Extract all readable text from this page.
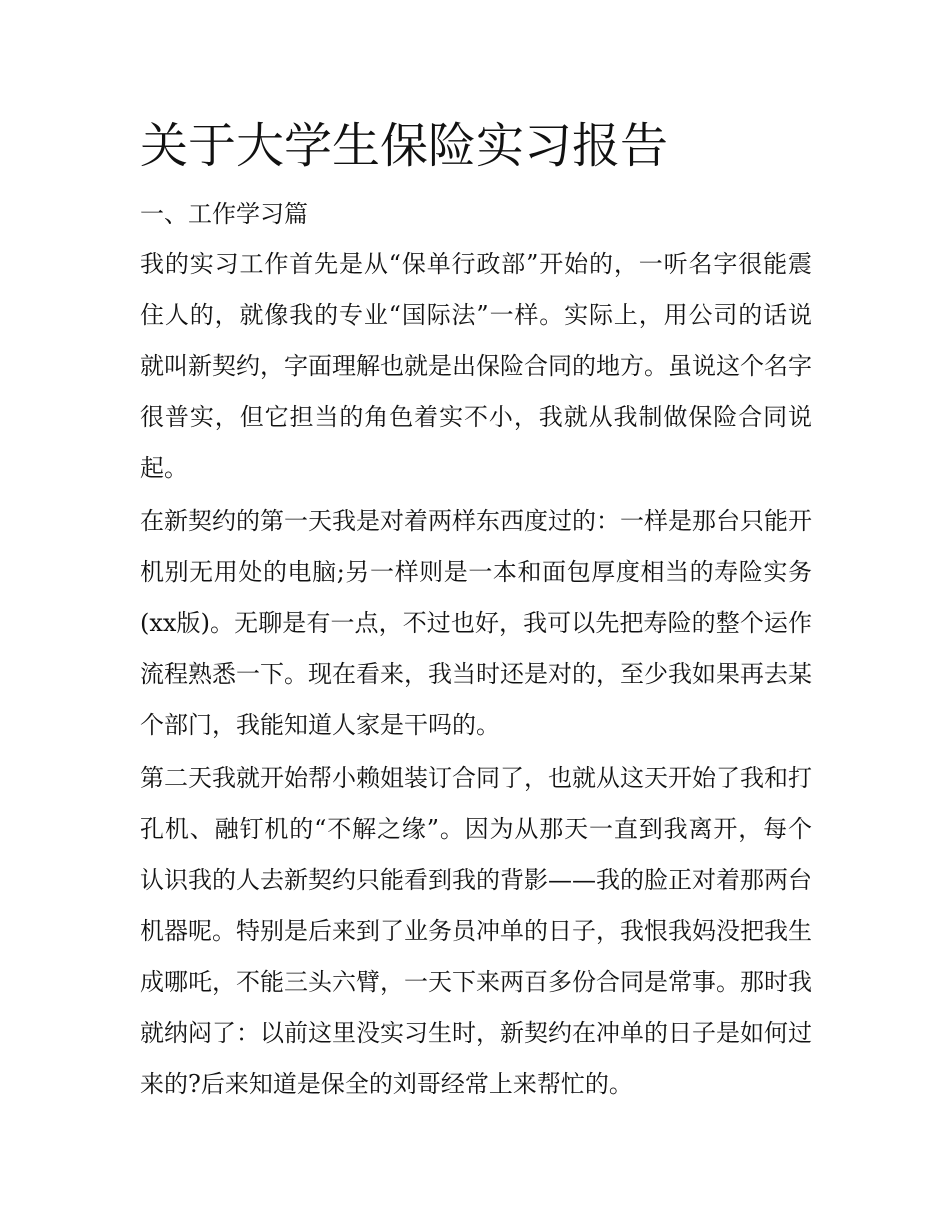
关于大学生保险实习报告
一、工作学习篇

我的实习工作首先是从“保单行政部”开始的，一听名字很能震住人的，就像我的专业“国际法”一样。实际上，用公司的话说就叫新契约，字面理解也就是出保险合同的地方。虽说这个名字很普实，但它担当的角色着实不小，我就从我制做保险合同说起。

在新契约的第一天我是对着两样东西度过的：一样是那台只能开机别无用处的电脑;另一样则是一本和面包厚度相当的寿险实务(xx版)。无聊是有一点，不过也好，我可以先把寿险的整个运作流程熟悉一下。现在看来，我当时还是对的，至少我如果再去某个部门，我能知道人家是干吗的。

第二天我就开始帮小赖姐装订合同了，也就从这天开始了我和打孔机、融钉机的“不解之缘”。因为从那天一直到我离开，每个认识我的人去新契约只能看到我的背影——我的脸正对着那两台机器呢。特别是后来到了业务员冲单的日子，我恨我妈没把我生成哪吒，不能三头六臂，一天下来两百多份合同是常事。那时我就纳闷了：以前这里没实习生时，新契约在冲单的日子是如何过来的?后来知道是保全的刘哥经常上来帮忙的。
